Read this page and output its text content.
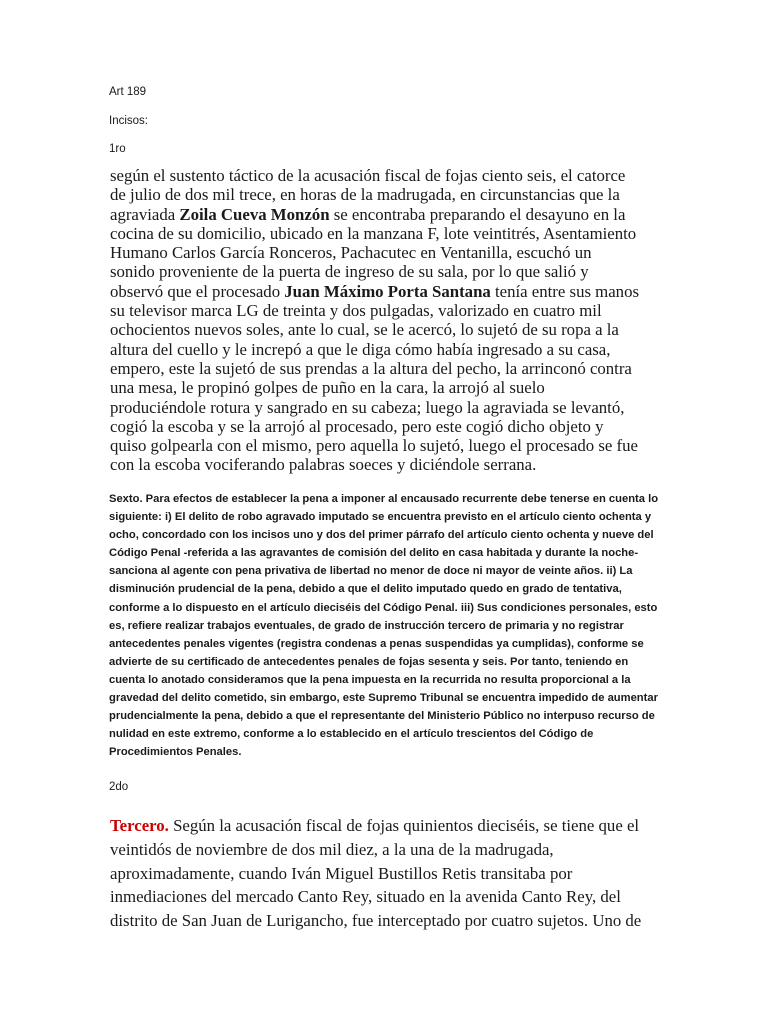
Art 189

Incisos:

1ro

según el sustento táctico de la acusación fiscal de fojas ciento seis, el catorce de julio de dos mil trece, en horas de la madrugada, en circunstancias que la agraviada Zoila Cueva Monzón se encontraba preparando el desayuno en la cocina de su domicilio, ubicado en la manzana F, lote veintitrés, Asentamiento Humano Carlos García Ronceros, Pachacutec en Ventanilla, escuchó un sonido proveniente de la puerta de ingreso de su sala, por lo que salió y observó que el procesado Juan Máximo Porta Santana tenía entre sus manos su televisor marca LG de treinta y dos pulgadas, valorizado en cuatro mil ochocientos nuevos soles, ante lo cual, se le acercó, lo sujetó de su ropa a la altura del cuello y le increpó a que le diga cómo había ingresado a su casa, empero, este la sujetó de sus prendas a la altura del pecho, la arrinconó contra una mesa, le propinó golpes de puño en la cara, la arrojó al suelo produciéndole rotura y sangrado en su cabeza; luego la agraviada se levantó, cogió la escoba y se la arrojó al procesado, pero este cogió dicho objeto y quiso golpearla con el mismo, pero aquella lo sujetó, luego el procesado se fue con la escoba vociferando palabras soeces y diciéndole serrana.

Sexto. Para efectos de establecer la pena a imponer al encausado recurrente debe tenerse en cuenta lo siguiente: i) El delito de robo agravado imputado se encuentra previsto en el artículo ciento ochenta y ocho, concordado con los incisos uno y dos del primer párrafo del artículo ciento ochenta y nueve del Código Penal -referida a las agravantes de comisión del delito en casa habitada y durante la noche- sanciona al agente con pena privativa de libertad no menor de doce ni mayor de veinte años. ii) La disminución prudencial de la pena, debido a que el delito imputado quedo en grado de tentativa, conforme a lo dispuesto en el artículo dieciséis del Código Penal. iii) Sus condiciones personales, esto es, refiere realizar trabajos eventuales, de grado de instrucción tercero de primaria y no registrar antecedentes penales vigentes (registra condenas a penas suspendidas ya cumplidas), conforme se advierte de su certificado de antecedentes penales de fojas sesenta y seis. Por tanto, teniendo en cuenta lo anotado consideramos que la pena impuesta en la recurrida no resulta proporcional a la gravedad del delito cometido, sin embargo, este Supremo Tribunal se encuentra impedido de aumentar prudencialmente la pena, debido a que el representante del Ministerio Público no interpuso recurso de nulidad en este extremo, conforme a lo establecido en el artículo trescientos del Código de Procedimientos Penales.

2do

Tercero. Según la acusación fiscal de fojas quinientos dieciséis, se tiene que el veintidós de noviembre de dos mil diez, a la una de la madrugada, aproximadamente, cuando Iván Miguel Bustillos Retis transitaba por inmediaciones del mercado Canto Rey, situado en la avenida Canto Rey, del distrito de San Juan de Lurigancho, fue interceptado por cuatro sujetos. Uno de
